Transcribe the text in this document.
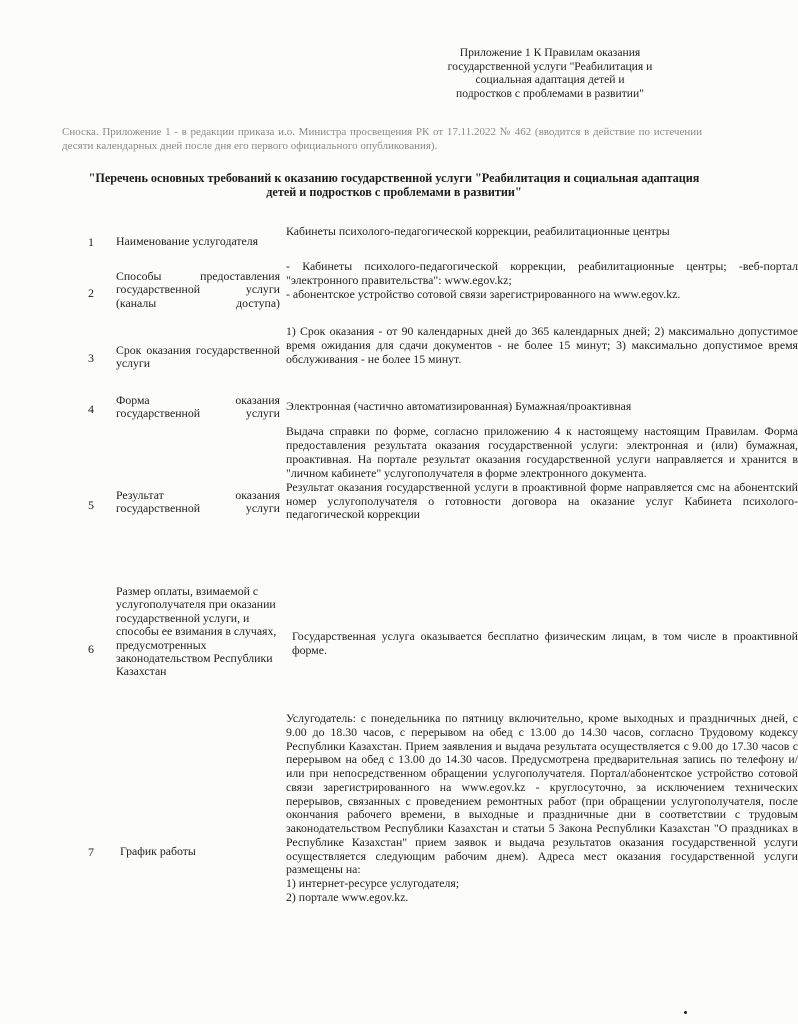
Приложение 1 К Правилам оказания
государственной услуги "Реабилитация и
социальная адаптация детей и
подростков с проблемами в развитии"
Сноска. Приложение 1 - в редакции приказа и.о. Министра просвещения РК от 17.11.2022 № 462 (вводится в действие по истечении десяти календарных дней после дня его первого официального опубликования).
"Перечень основных требований к оказанию государственной услуги "Реабилитация и социальная адаптация детей и подростков с проблемами в развитии"
1	Наименование услугодателя

Кабинеты психолого-педагогической коррекции, реабилитационные центры

2
Способы предоставления государственной услуги (каналы доступа)

- Кабинеты психолого-педагогической коррекции, реабилитационные центры; -веб-портал "электронного правительства": www.egov.kz;

- абонентское устройство сотовой связи зарегистрированного на www.egov.kz.

3
Срок оказания государственной услуги

1) Срок оказания - от 90 календарных дней до 365 календарных дней; 2) максимально допустимое время ожидания для сдачи документов - не более 15 минут; 3) максимально допустимое время обслуживания - не более 15 минут.

4
Форма оказания государственной услуги

Электронная (частично автоматизированная) Бумажная/проактивная

5
Результат оказания государственной услуги

Выдача справки по форме, согласно приложению 4 к настоящему настоящим Правилам. Форма предоставления результата оказания государственной услуги: электронная и (или) бумажная, проактивная. На портале результат оказания государственной услуги направляется и хранится в "личном кабинете" услугополучателя в форме электронного документа.

Результат оказания государственной услуги в проактивной форме направляется смс на абонентский номер услугополучателя о готовности договора на оказание услуг Кабинета психолого-педагогической коррекции

6
Размер оплаты, взимаемой с услугополучателя при оказании государственной услуги, и способы ее взимания в случаях, предусмотренных законодательством Республики Казахстан

Государственная услуга оказывается бесплатно физическим лицам, в том числе в проактивной форме.

7	График работы

Услугодатель: с понедельника по пятницу включительно, кроме выходных и праздничных дней, с 9.00 до 18.30 часов, с перерывом на обед с 13.00 до 14.30 часов, согласно Трудовому кодексу Республики Казахстан. Прием заявления и выдача результата осуществляется с 9.00 до 17.30 часов с перерывом на обед с 13.00 до 14.30 часов. Предусмотрена предварительная запись по телефону и/или при непосредственном обращении услугополучателя. Портал/абонентское устройство сотовой связи зарегистрированного на www.egov.kz - круглосуточно, за исключением технических перерывов, связанных с проведением ремонтных работ (при обращении услугополучателя, после окончания рабочего времени, в выходные и праздничные дни в соответствии с трудовым законодательством Республики Казахстан и статьи 5 Закона Республики Казахстан "О праздниках в Республике Казахстан" прием заявок и выдача результатов оказания государственной услуги осуществляется следующим рабочим днем). Адреса мест оказания государственной услуги размещены на:

1) интернет-ресурсе услугодателя;

2) портале www.egov.kz.
